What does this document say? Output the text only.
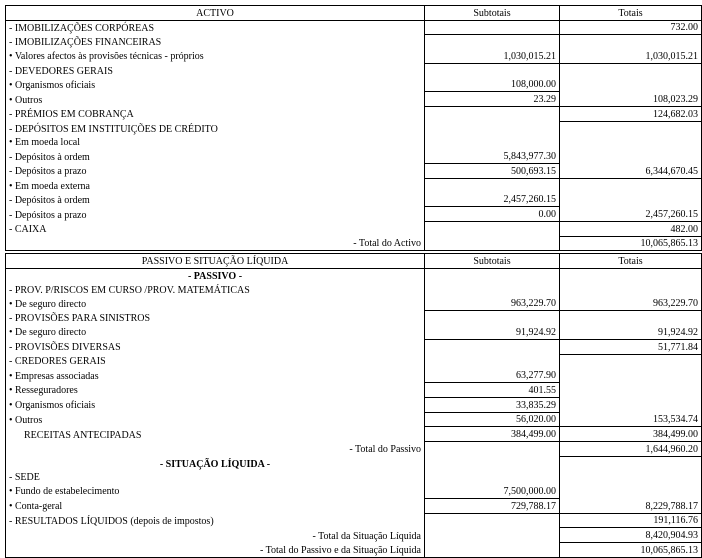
ACTIVO	Subtotais	Totais
- IMOBILIZAÇÕES CORPÓREAS		732.00
- IMOBILIZAÇÕES FINANCEIRAS		
• Valores afectos às provisões técnicas - próprios	1,030,015.21	1,030,015.21
- DEVEDORES GERAIS		
• Organismos oficiais	108,000.00	
• Outros	23.29	108,023.29
- PRÉMIOS EM COBRANÇA		124,682.03
- DEPÓSITOS EM INSTITUIÇÕES DE CRÉDITO		
• Em moeda local		
- Depósitos à ordem	5,843,977.30	
- Depósitos a prazo	500,693.15	6,344,670.45
• Em moeda externa		
- Depósitos à ordem	2,457,260.15	
- Depósitos a prazo	0.00	2,457,260.15
- CAIXA		482.00
- Total do Activo		10,065,865.13

PASSIVO E SITUAÇÃO LÍQUIDA	Subtotais	Totais
- PASSIVO -		
- PROV. P/RISCOS EM CURSO /PROV. MATEMÁTICAS		
• De seguro directo	963,229.70	963,229.70
- PROVISÕES PARA SINISTROS		
• De seguro directo	91,924.92	91,924.92
- PROVISÕES DIVERSAS		51,771.84
- CREDORES GERAIS		
• Empresas associadas	63,277.90	
• Resseguradores	401.55	
• Organismos oficiais	33,835.29	
• Outros	56,020.00	153,534.74
RECEITAS ANTECIPADAS	384,499.00	384,499.00
- Total do Passivo		1,644,960.20
- SITUAÇÃO LÍQUIDA -		
- SEDE		
• Fundo de estabelecimento	7,500,000.00	
• Conta-geral	729,788.17	8,229,788.17
- RESULTADOS LÍQUIDOS (depois de impostos)		191,116.76
- Total da Situação Líquida		8,420,904.93
- Total do Passivo e da Situação Líquida		10,065,865.13
